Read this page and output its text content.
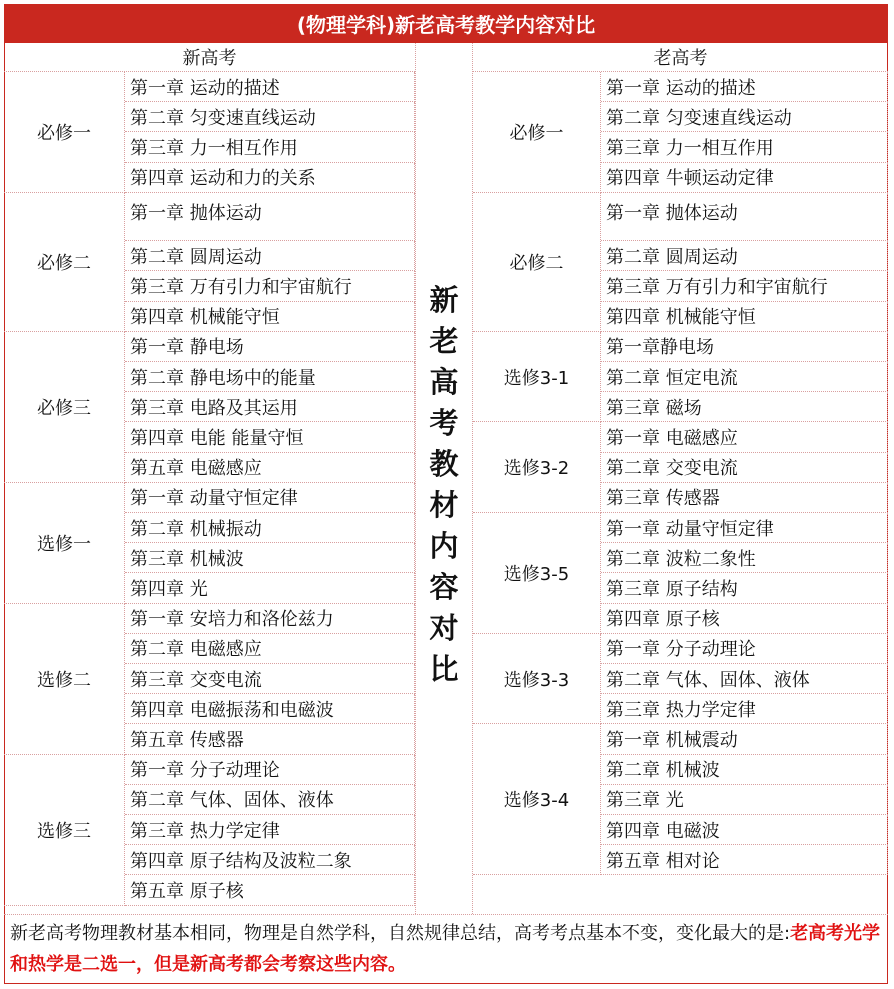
(物理学科)新老高考教学内容对比
新高考	老高考
第一章 运动的描述
第二章 匀变速直线运动
第三章 力一相互作用
第四章 运动和力的关系
必修一
第一章 抛体运动
第二章 圆周运动
第三章 万有引力和宇宙航行
第四章 机械能守恒
必修二
第一章 静电场
第二章 静电场中的能量
第三章 电路及其运用
第四章 电能 能量守恒
第五章 电磁感应
必修三
第一章 动量守恒定律
第二章 机械振动
第三章 机械波
第四章 光
选修一
第一章 安培力和洛伦兹力
第二章 电磁感应
第三章 交变电流
第四章 电磁振荡和电磁波
第五章 传感器
选修二
第一章 分子动理论
第二章 气体、固体、液体
第三章 热力学定律
第四章 原子结构及波粒二象
第五章 原子核
选修三
第一章 运动的描述
第二章 匀变速直线运动
第三章 力一相互作用
第四章 牛顿运动定律
必修一
第一章 抛体运动
第二章 圆周运动
第三章 万有引力和宇宙航行
第四章 机械能守恒
必修二
第一章静电场
第二章 恒定电流
第三章 磁场
选修3-1
第一章 电磁感应
第二章 交变电流
第三章 传感器
选修3-2
第一章 动量守恒定律
第二章 波粒二象性
第三章 原子结构
第四章 原子核
选修3-5
第一章 分子动理论
第二章 气体、固体、液体
第三章 热力学定律
选修3-3
第一章 机械震动
第二章 机械波
第三章 光
第四章 电磁波
第五章 相对论
选修3-4
新
老
高
考
教
材
内
容
对
比
新老高考物理教材基本相同，物理是自然学科，自然规律总结，高考考点基本不变，变化最大的是:老高考光学和热学是二选一，但是新高考都会考察这些内容。
